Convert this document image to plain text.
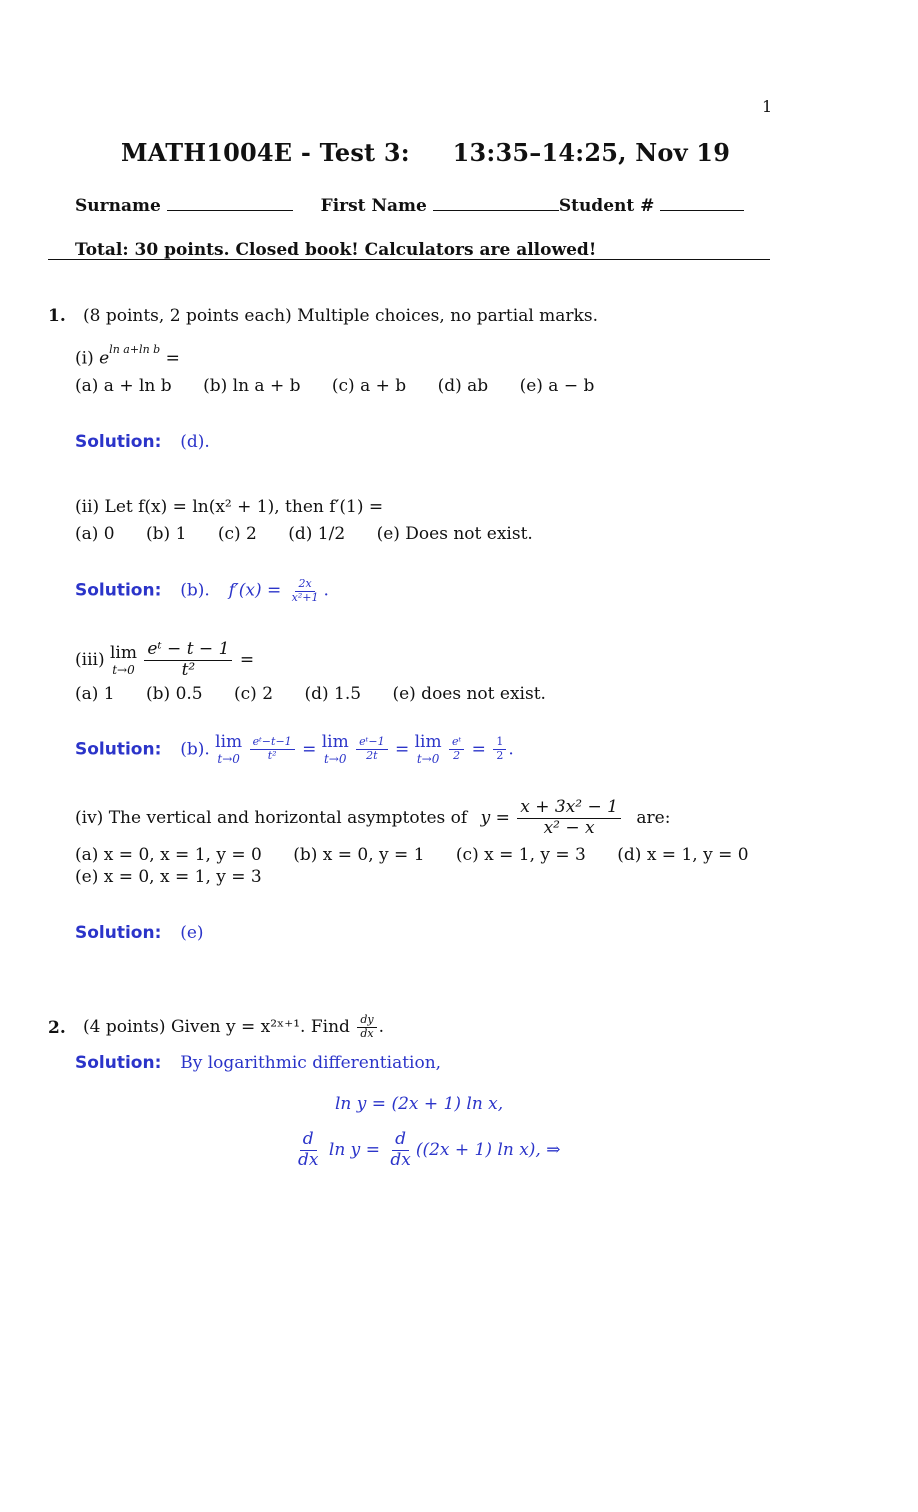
1
MATH1004E - Test 3:     13:35–14:25, Nov 19
Surname	First Name	Student #
Total: 30 points. Closed book! Calculators are allowed!
1. (8 points, 2 points each) Multiple choices, no partial marks.
(i) $e^{ln a+ln b}$ =
(a) a + ln b (b) ln a + b (c) a + b (d) ab (e) a − b
Solution: (d).
(ii) Let f(x) = ln(x² + 1), then f′(1) =
(a) 0 (b) 1 (c) 2 (d) 1/2 (e) Does not exist.
Solution: (b). $f'(x) = \frac{2x}{\text{x²+1}}$ .
(iii) lim
t→0
$\frac{\text{eᵗ − t − 1}}{\text{t²}}$ =
(a) 1 (b) 0.5 (c) 2 (d) 1.5 (e) does not exist.
Solution: (b). lim
t→0
$\frac{\text{eᵗ−t−1}}{\text{t²}} = \lim$
t→0
$\frac{\text{eᵗ−1}}{2t} = \lim$
t→0
$\frac{\text{eᵗ}}{2} = \frac{1}{2}$ .
(iv) The vertical and horizontal asymptotes of $y = \frac{\text{x + 3x² − 1}}{\text{x² − x}}$ are:
(a) x = 0, x = 1, y = 0 (b) x = 0, y = 1 (c) x = 1, y = 3 (d) x = 1, y = 0
(e) x = 0, x = 1, y = 3
Solution: (e)
2. (4 points) Given y = x²ˣ⁺¹. Find $\frac{dy}{dx}$ .
Solution: By logarithmic differentiation,
ln y = (2x + 1) ln x,
$\frac{d}{dx}$ $\ln y = \frac{d}{dx} ((2x + 1)$ ln x), ⇒
